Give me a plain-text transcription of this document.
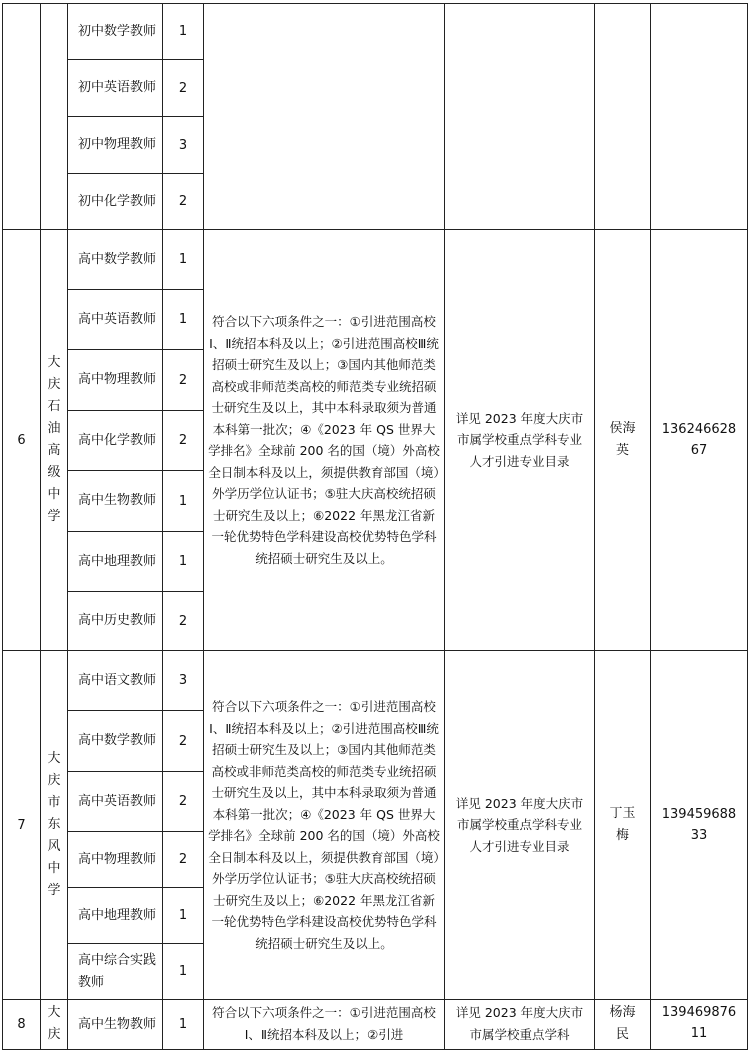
		初中数学教师	1				
		初中英语教师	2				
		初中物理教师	3				
		初中化学教师	2				
6	大庆石油高级中学	高中数学教师	1	符合以下六项条件之一：①引进范围高校Ⅰ、Ⅱ统招本科及以上；②引进范围高校Ⅲ统招硕士研究生及以上；③国内其他师范类高校或非师范类高校的师范类专业统招硕士研究生及以上，其中本科录取须为普通本科第一批次；④《2023 年 QS 世界大学排名》全球前 200 名的国（境）外高校全日制本科及以上，须提供教育部国（境）外学历学位认证书；⑤驻大庆高校统招硕士研究生及以上；⑥2022 年黑龙江省新一轮优势特色学科建设高校优势特色学科统招硕士研究生及以上。	详见 2023 年度大庆市市属学校重点学科专业人才引进专业目录	侯海英	13624662867
		高中英语教师	1				
		高中物理教师	2				
		高中化学教师	2				
		高中生物教师	1				
		高中地理教师	1				
		高中历史教师	2				
7	大庆市东风中学	高中语文教师	3	符合以下六项条件之一：①引进范围高校Ⅰ、Ⅱ统招本科及以上；②引进范围高校Ⅲ统招硕士研究生及以上；③国内其他师范类高校或非师范类高校的师范类专业统招硕士研究生及以上，其中本科录取须为普通本科第一批次；④《2023 年 QS 世界大学排名》全球前 200 名的国（境）外高校全日制本科及以上，须提供教育部国（境）外学历学位认证书；⑤驻大庆高校统招硕士研究生及以上；⑥2022 年黑龙江省新一轮优势特色学科建设高校优势特色学科统招硕士研究生及以上。	详见 2023 年度大庆市市属学校重点学科专业人才引进专业目录	丁玉梅	13945968833
		高中数学教师	2				
		高中英语教师	2				
		高中物理教师	2				
		高中地理教师	1				
		高中综合实践教师	1				
8	大庆	高中生物教师	1	符合以下六项条件之一：①引进范围高校Ⅰ、Ⅱ统招本科及以上；②引进	详见 2023 年度大庆市市属学校重点学科	杨海民	13946987611
